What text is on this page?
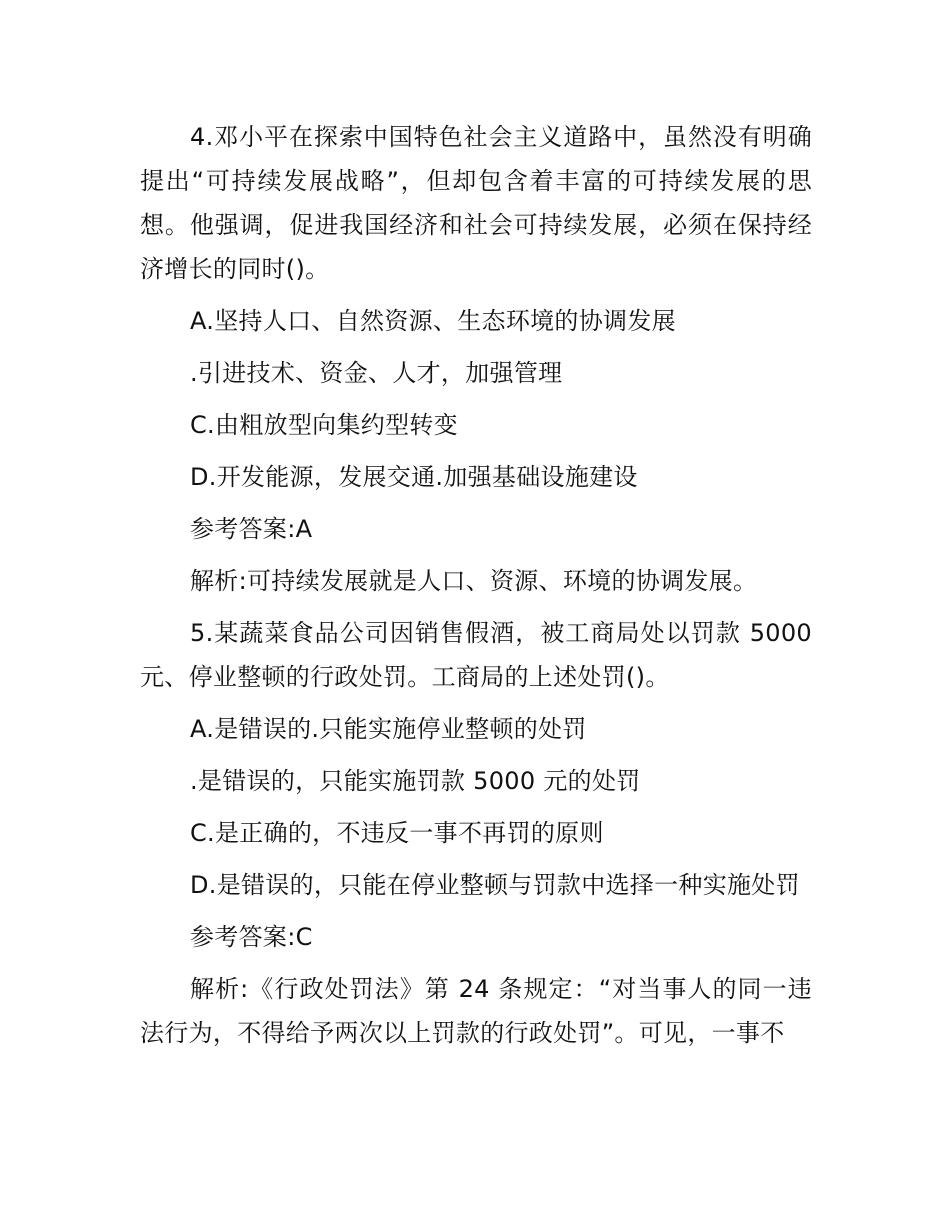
4.邓小平在探索中国特色社会主义道路中，虽然没有明确提出“可持续发展战略”，但却包含着丰富的可持续发展的思想。他强调，促进我国经济和社会可持续发展，必须在保持经济增长的同时()。

A.坚持人口、自然资源、生态环境的协调发展

.引进技术、资金、人才，加强管理

C.由粗放型向集约型转变

D.开发能源，发展交通.加强基础设施建设

参考答案:A

解析:可持续发展就是人口、资源、环境的协调发展。

5.某蔬菜食品公司因销售假酒，被工商局处以罚款 5000 元、停业整顿的行政处罚。工商局的上述处罚()。

A.是错误的.只能实施停业整顿的处罚

.是错误的，只能实施罚款 5000 元的处罚

C.是正确的，不违反一事不再罚的原则

D.是错误的，只能在停业整顿与罚款中选择一种实施处罚

参考答案:C

解析:《行政处罚法》第 24 条规定：“对当事人的同一违法行为，不得给予两次以上罚款的行政处罚”。可见，一事不
